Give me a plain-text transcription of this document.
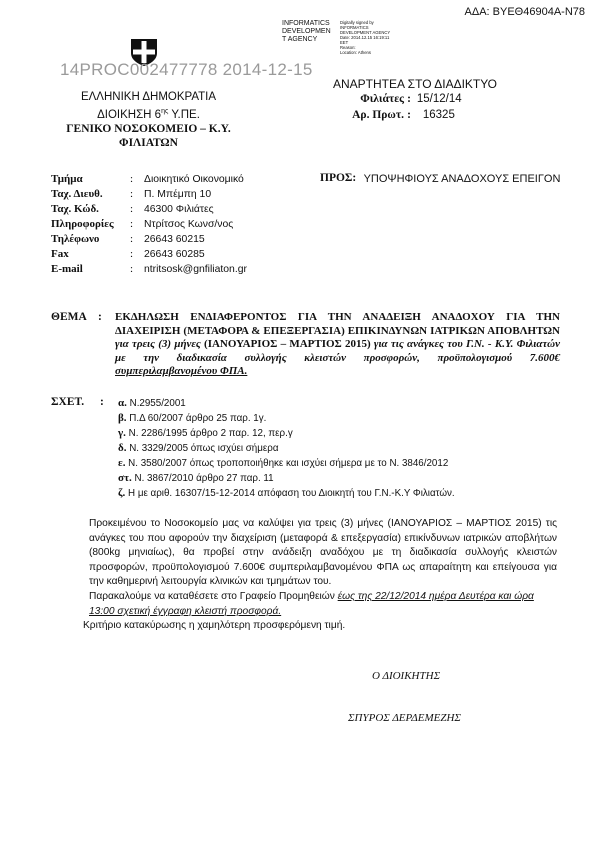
ΑΔΑ: ΒΥΕΘ46904Α-Ν78
INFORMATICS
DEVELOPMEN
T AGENCY
Digitally signed by
INFORMATICS
DEVELOPMENT AGENCY
Date: 2014.12.15 16:19:11
EET
Reason:
Location: Athens
14PROC002477778 2014-12-15
ΑΝΑΡΤΗΤΕΑ ΣΤΟ ΔΙΑΔΙΚΤΥΟ
ΕΛΛΗΝΙΚΗ ΔΗΜΟΚΡΑΤΙΑ
ΔΙΟΙΚΗΣΗ $6^{\eta\varsigma}$ Υ.ΠΕ.
ΓΕΝΙΚΟ ΝΟΣΟΚΟΜΕΙΟ – Κ.Υ.
ΦΙΛΙΑΤΩΝ
Φιλιάτες : 15/12/14
Αρ. Πρωτ. : 16325
Τμήμα	: Διοικητικό Οικονομικό
Ταχ. Διευθ. : Π. Μπέμπη 10
Ταχ. Κώδ.	: 46300 Φιλιάτες
Πληροφορίες : Ντρίτσος Κωνσ/νος
Τηλέφωνο	: 26643 60215
Fax	: 26643 60285
E-mail	: ntritsosk@gnfiliaton.gr
ΠΡΟΣ: ΥΠΟΨΗΦΙΟΥΣ ΑΝΑΔΟΧΟΥΣ ΕΠΕΙΓΟΝ
ΘΕΜΑ : ΕΚΔΗΛΩΣΗ ΕΝΔΙΑΦΕΡΟΝΤΟΣ ΓΙΑ ΤΗΝ ΑΝΑΔΕΙΞΗ ΑΝΑΔΟΧΟΥ ΓΙΑ ΤΗΝ ΔΙΑΧΕΙΡΙΣΗ (ΜΕΤΑΦΟΡΑ & ΕΠΕΞΕΡΓΑΣΙΑ) ΕΠΙΚΙΝΔΥΝΩΝ ΙΑΤΡΙΚΩΝ ΑΠΟΒΛΗΤΩΝ για τρεις (3) μήνες (ΙΑΝΟΥΑΡΙΟΣ – ΜΑΡΤΙΟΣ 2015) για τις ανάγκες του Γ.Ν. - Κ.Υ. Φιλιατών με την διαδικασία συλλογής κλειστών προσφορών, προϋπολογισμού 7.600€ συμπεριλαμβανομένου ΦΠΑ.
ΣΧΕΤ. : α. Ν.2955/2001
β. Π.Δ 60/2007 άρθρο 25 παρ. 1γ.
γ. Ν. 2286/1995 άρθρο 2 παρ. 12, περ.γ
δ. Ν. 3329/2005 όπως ισχύει σήμερα
ε. Ν. 3580/2007 όπως τροποποιήθηκε και ισχύει σήμερα με το Ν. 3846/2012
στ. Ν. 3867/2010 άρθρο 27 παρ. 11
ζ. Η με αριθ. 16307/15-12-2014 απόφαση του Διοικητή του Γ.Ν.-Κ.Υ Φιλιατών.
Προκειμένου το Νοσοκομείο μας να καλύψει για τρεις (3) μήνες (ΙΑΝΟΥΑΡΙΟΣ – ΜΑΡΤΙΟΣ 2015) τις ανάγκες του που αφορούν την διαχείριση (μεταφορά & επεξεργασία) επικίνδυνων ιατρικών αποβλήτων (800kg μηνιαίως), θα προβεί στην ανάδειξη αναδόχου με τη διαδικασία συλλογής κλειστών προσφορών, προϋπολογισμού 7.600€ συμπεριλαμβανομένου ΦΠΑ ως απαραίτητη και επείγουσα για την καθημερινή λειτουργία κλινικών και τμημάτων του.
Παρακαλούμε να καταθέσετε στο Γραφείο Προμηθειών έως της 22/12/2014 ημέρα Δευτέρα και ώρα 13:00 σχετική έγγραφη κλειστή προσφορά.
Κριτήριο κατακύρωσης η χαμηλότερη προσφερόμενη τιμή.
Ο ΔΙΟΙΚΗΤΗΣ
ΣΠΥΡΟΣ ΔΕΡΔΕΜΕΖΗΣ
